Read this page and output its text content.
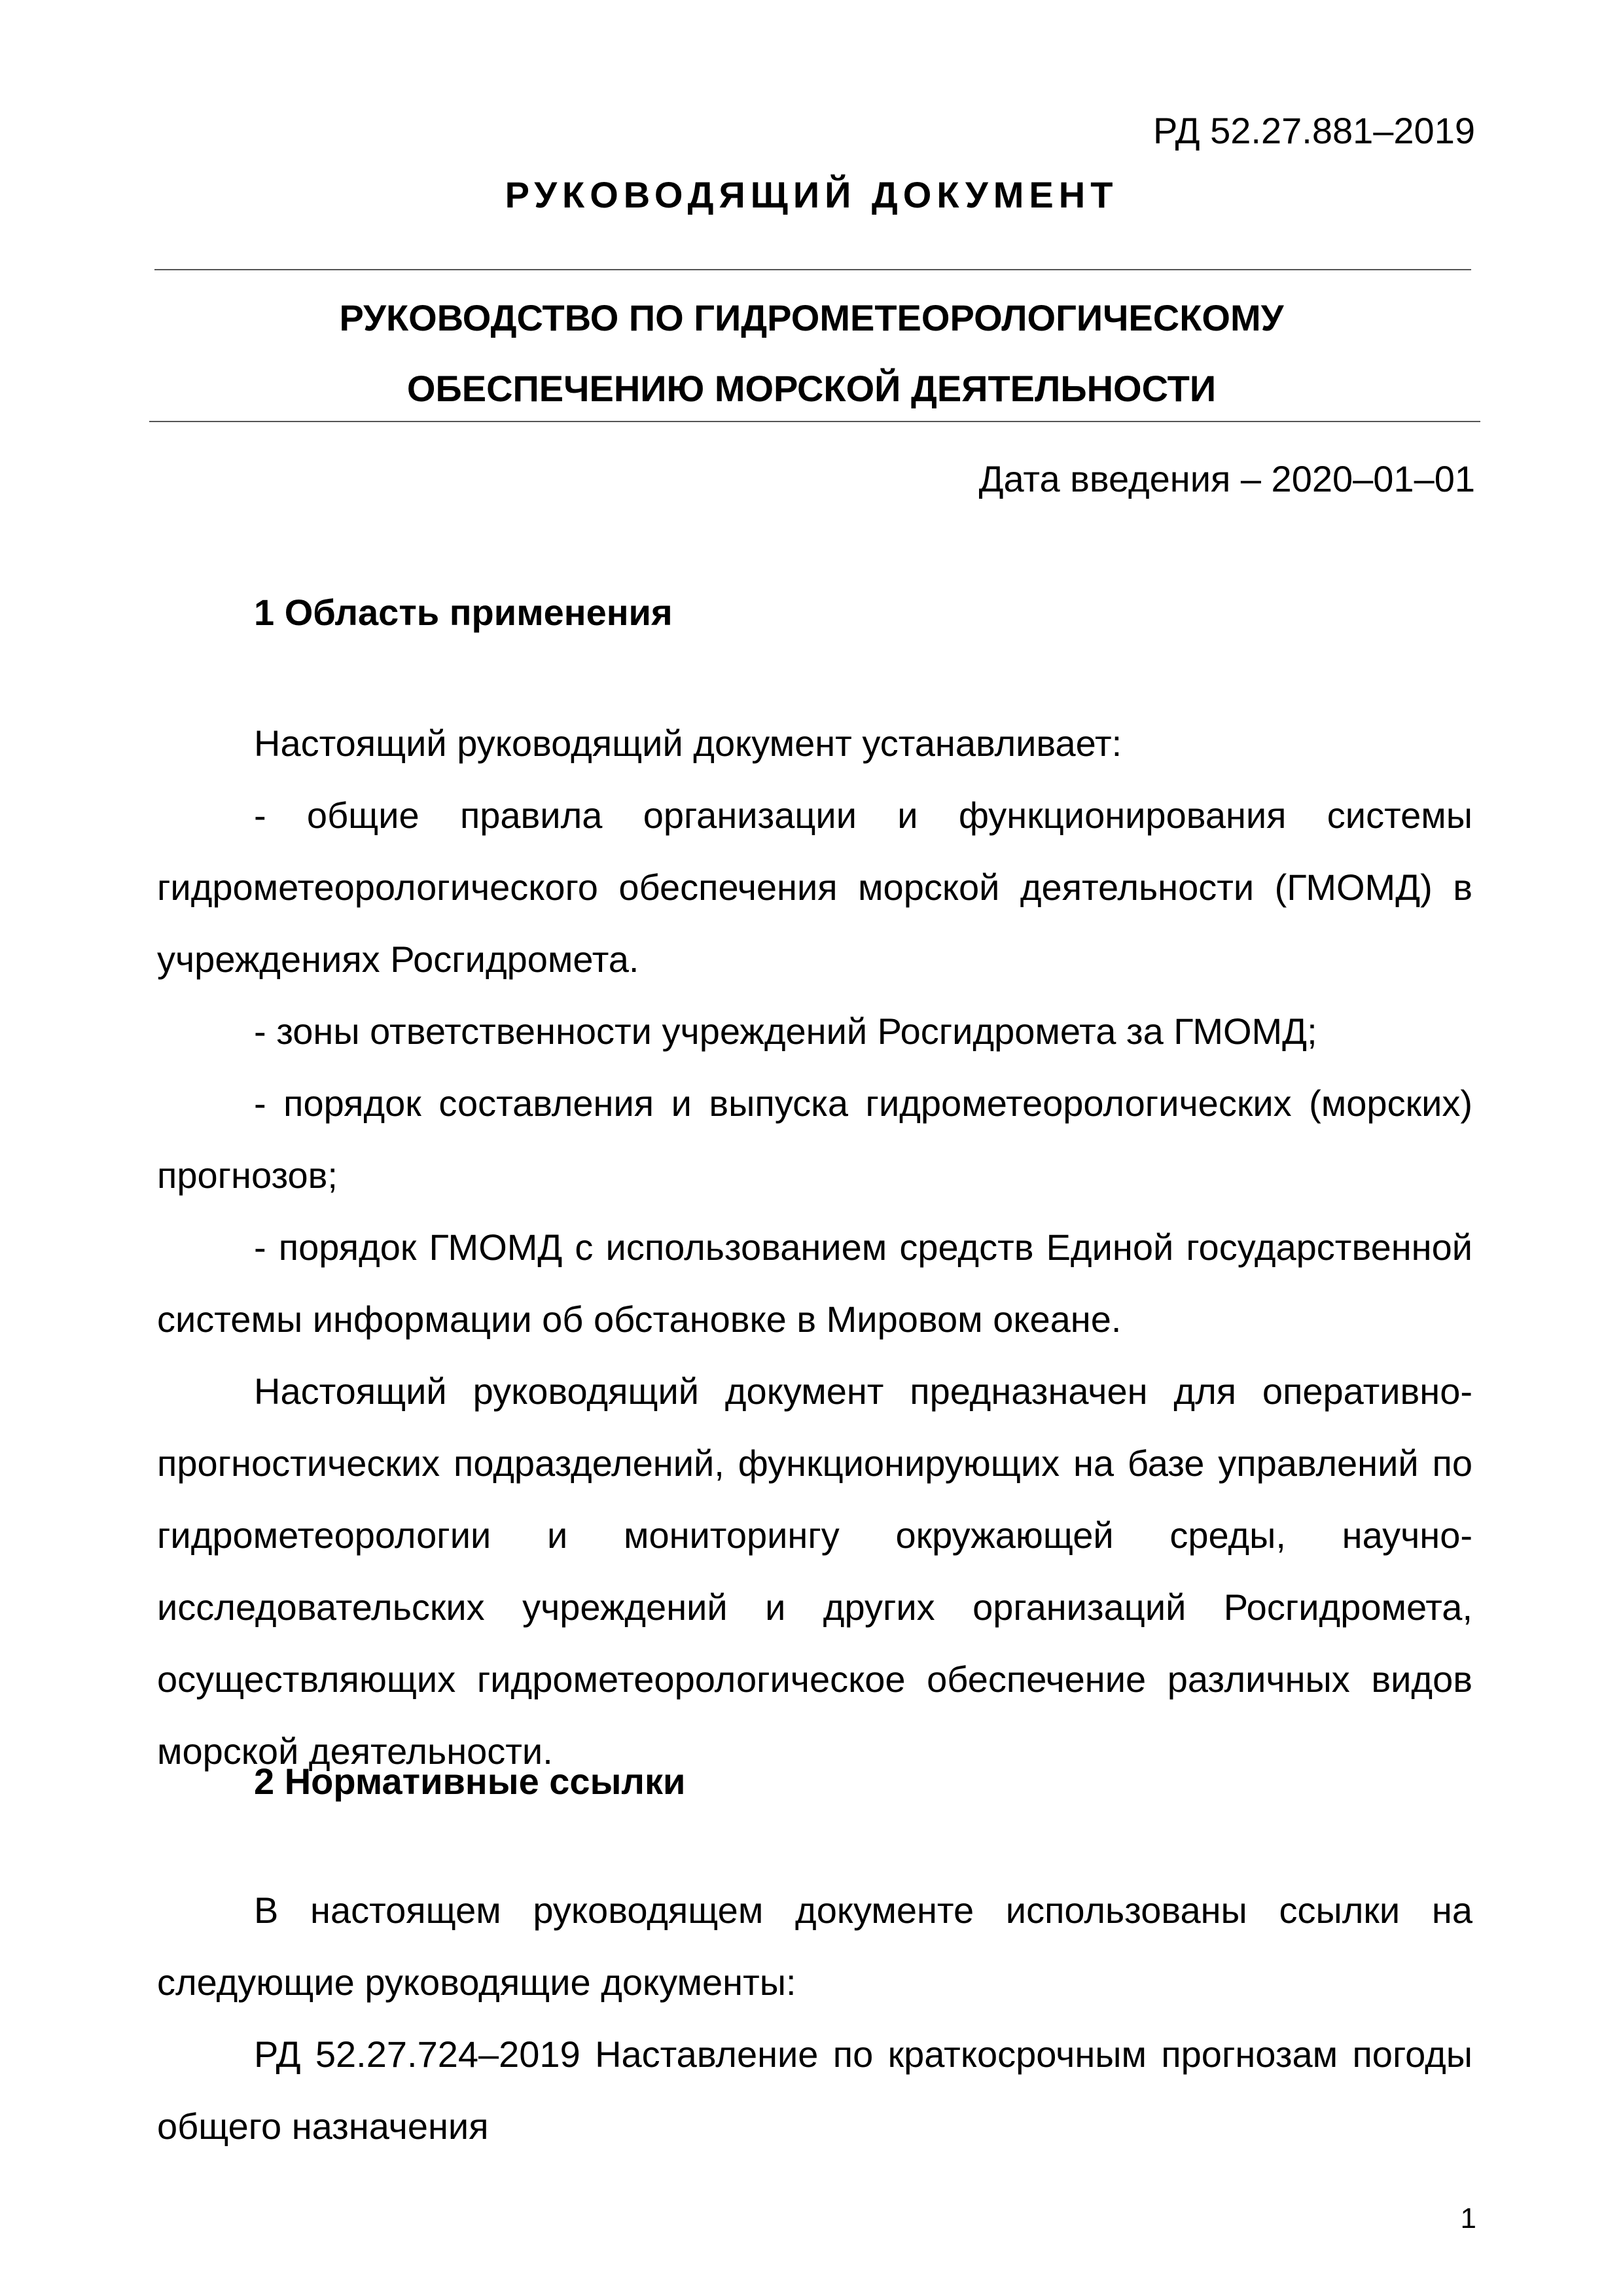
РД 52.27.881–2019
РУКОВОДЯЩИЙ ДОКУМЕНТ
РУКОВОДСТВО ПО ГИДРОМЕТЕОРОЛОГИЧЕСКОМУ
ОБЕСПЕЧЕНИЮ МОРСКОЙ ДЕЯТЕЛЬНОСТИ
Дата введения – 2020–01–01
1 Область применения

Настоящий руководящий документ устанавливает:

- общие правила организации и функционирования системы гидрометеорологического обеспечения морской деятельности (ГМОМД) в учреждениях Росгидромета.

- зоны ответственности учреждений Росгидромета за ГМОМД;

- порядок составления и выпуска гидрометеорологических (морских) прогнозов;

- порядок ГМОМД с использованием средств Единой государственной системы информации об обстановке в Мировом океане.

Настоящий руководящий документ предназначен для оперативно-прогностических подразделений, функционирующих на базе управлений по гидрометеорологии и мониторингу окружающей среды, научно-исследовательских учреждений и других организаций Росгидромета, осуществляющих гидрометеорологическое обеспечение различных видов морской деятельности.

2 Нормативные ссылки

В настоящем руководящем документе использованы ссылки на следующие руководящие документы:

РД 52.27.724–2019 Наставление по краткосрочным прогнозам погоды общего назначения

1
